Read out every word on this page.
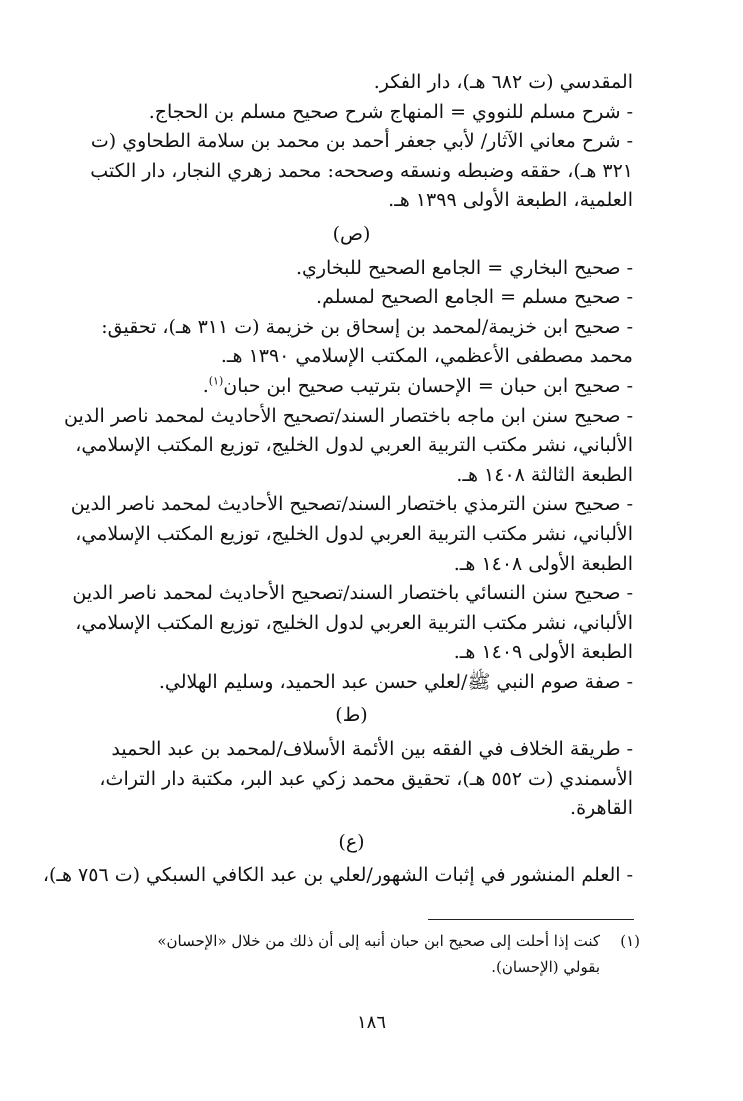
المقدسي (ت ٦٨٢ هـ)، دار الفكر.
- شرح مسلم للنووي = المنهاج شرح صحيح مسلم بن الحجاج.
- شرح معاني الآثار/ لأبي جعفر أحمد بن محمد بن سلامة الطحاوي (ت
٣٢١ هـ)، حققه وضبطه ونسقه وصححه: محمد زهري النجار، دار الكتب
العلمية، الطبعة الأولى ١٣٩٩ هـ.
(ص)
- صحيح البخاري = الجامع الصحيح للبخاري.
- صحيح مسلم = الجامع الصحيح لمسلم.
- صحيح ابن خزيمة/لمحمد بن إسحاق بن خزيمة (ت ٣١١ هـ)، تحقيق:
محمد مصطفى الأعظمي، المكتب الإسلامي ١٣٩٠ هـ.
- صحيح ابن حبان = الإحسان بترتيب صحيح ابن حبان$^{(١)}$.
- صحيح سنن ابن ماجه باختصار السند/تصحيح الأحاديث لمحمد ناصر الدين
الألباني، نشر مكتب التربية العربي لدول الخليج، توزيع المكتب الإسلامي،
الطبعة الثالثة ١٤٠٨ هـ.
- صحيح سنن الترمذي باختصار السند/تصحيح الأحاديث لمحمد ناصر الدين
الألباني، نشر مكتب التربية العربي لدول الخليج، توزيع المكتب الإسلامي،
الطبعة الأولى ١٤٠٨ هـ.
- صحيح سنن النسائي باختصار السند/تصحيح الأحاديث لمحمد ناصر الدين
الألباني، نشر مكتب التربية العربي لدول الخليج، توزيع المكتب الإسلامي،
الطبعة الأولى ١٤٠٩ هـ.
- صفة صوم النبي ﷺ/لعلي حسن عبد الحميد، وسليم الهلالي.
(ط)
- طريقة الخلاف في الفقه بين الأئمة الأسلاف/لمحمد بن عبد الحميد
الأسمندي (ت ٥٥٢ هـ)، تحقيق محمد زكي عبد البر، مكتبة دار التراث،
القاهرة.
(ع)
- العلم المنشور في إثبات الشهور/لعلي بن عبد الكافي السبكي (ت ٧٥٦ هـ)،
(١)
كنت إذا أحلت إلى صحيح ابن حبان أنبه إلى أن ذلك من خلال «الإحسان»
بقولي (الإحسان).
١٨٦
